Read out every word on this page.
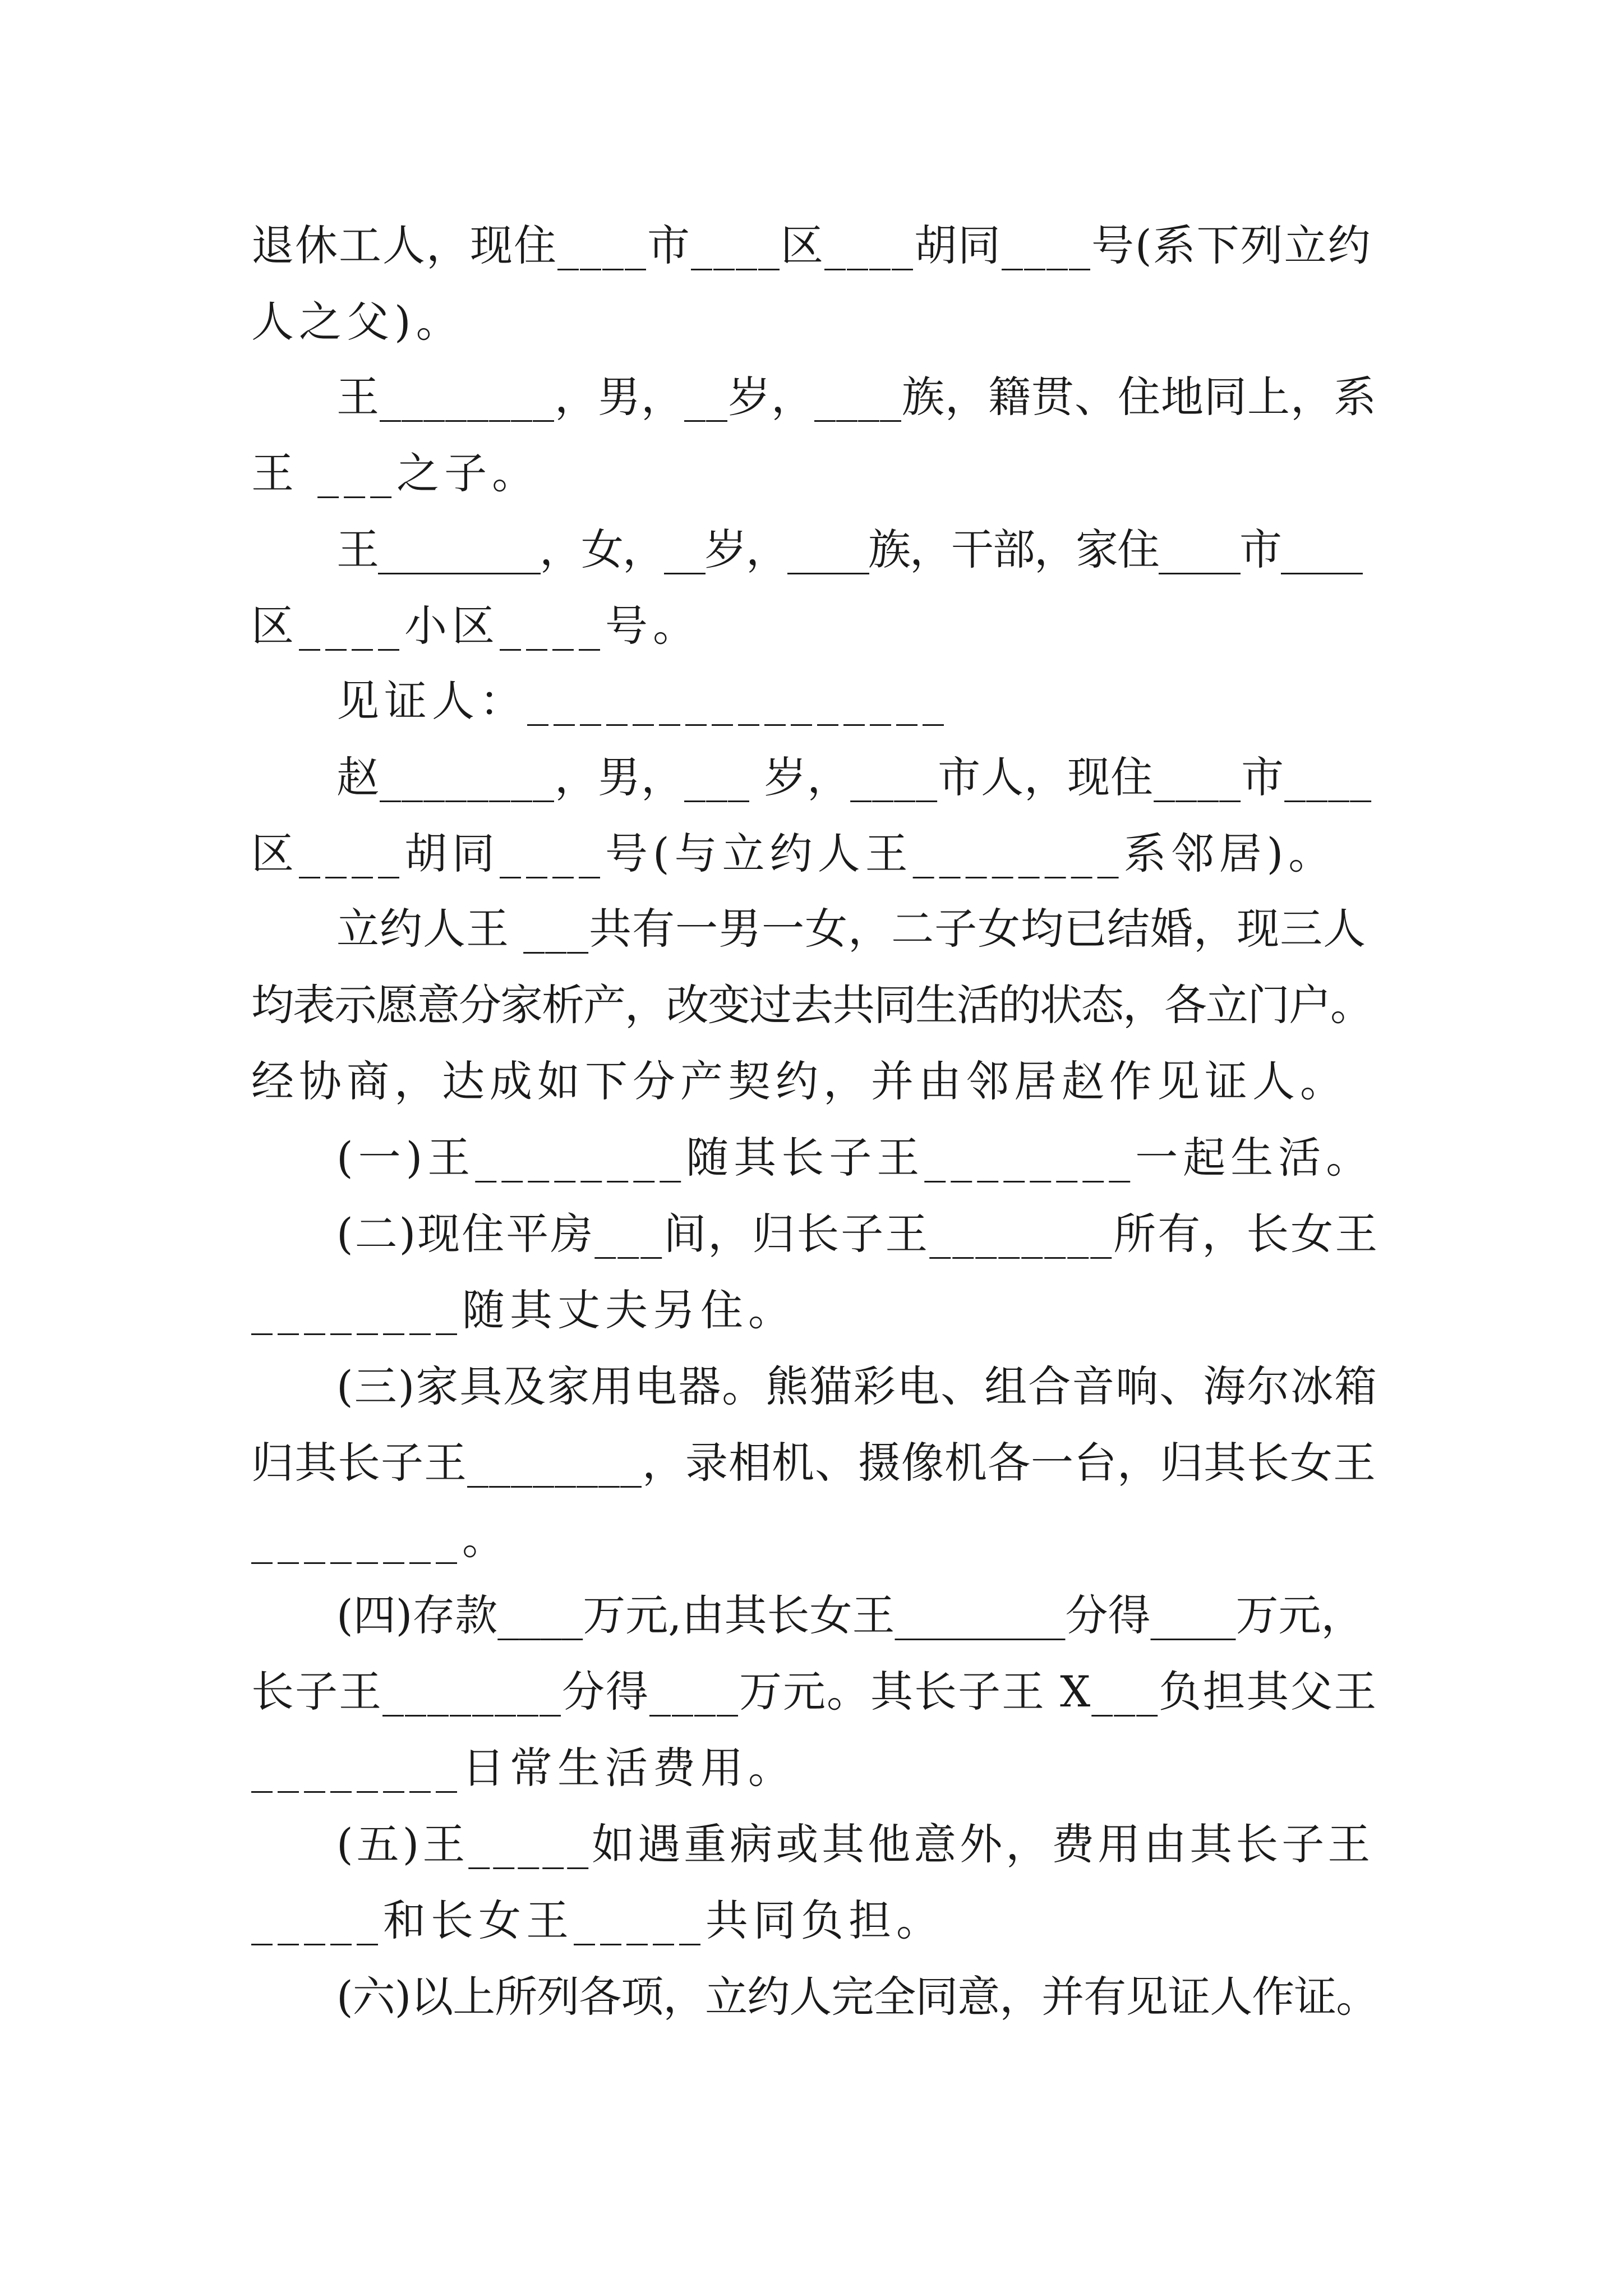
退休工人，现住____市____区____胡同____号(系下列立约
人之父)。
王________，男，__岁，____族，籍贯、住地同上，系
王 ___之子。
王________，女，__岁，____族，干部，家住____市____
区____小区____号。
见证人：________________
赵________，男，___ 岁，____市人，现住____市____
区____胡同____号(与立约人王________系邻居)。
立约人王 ___共有一男一女，二子女均已结婚，现三人
均表示愿意分家析产，改变过去共同生活的状态，各立门户。
经协商，达成如下分产契约，并由邻居赵作见证人。
(一)王________随其长子王________一起生活。
(二)现住平房___间，归长子王________所有，长女王
________随其丈夫另住。
(三)家具及家用电器。熊猫彩电、组合音响、海尔冰箱
归其长子王________，录相机、摄像机各一台，归其长女王
________。
(四)存款____万元,由其长女王________分得____万元，
长子王________分得____万元。其长子王 X___负担其父王
________日常生活费用。
(五)王_____如遇重病或其他意外，费用由其长子王
_____和长女王_____共同负担。
(六)以上所列各项，立约人完全同意，并有见证人作证。
